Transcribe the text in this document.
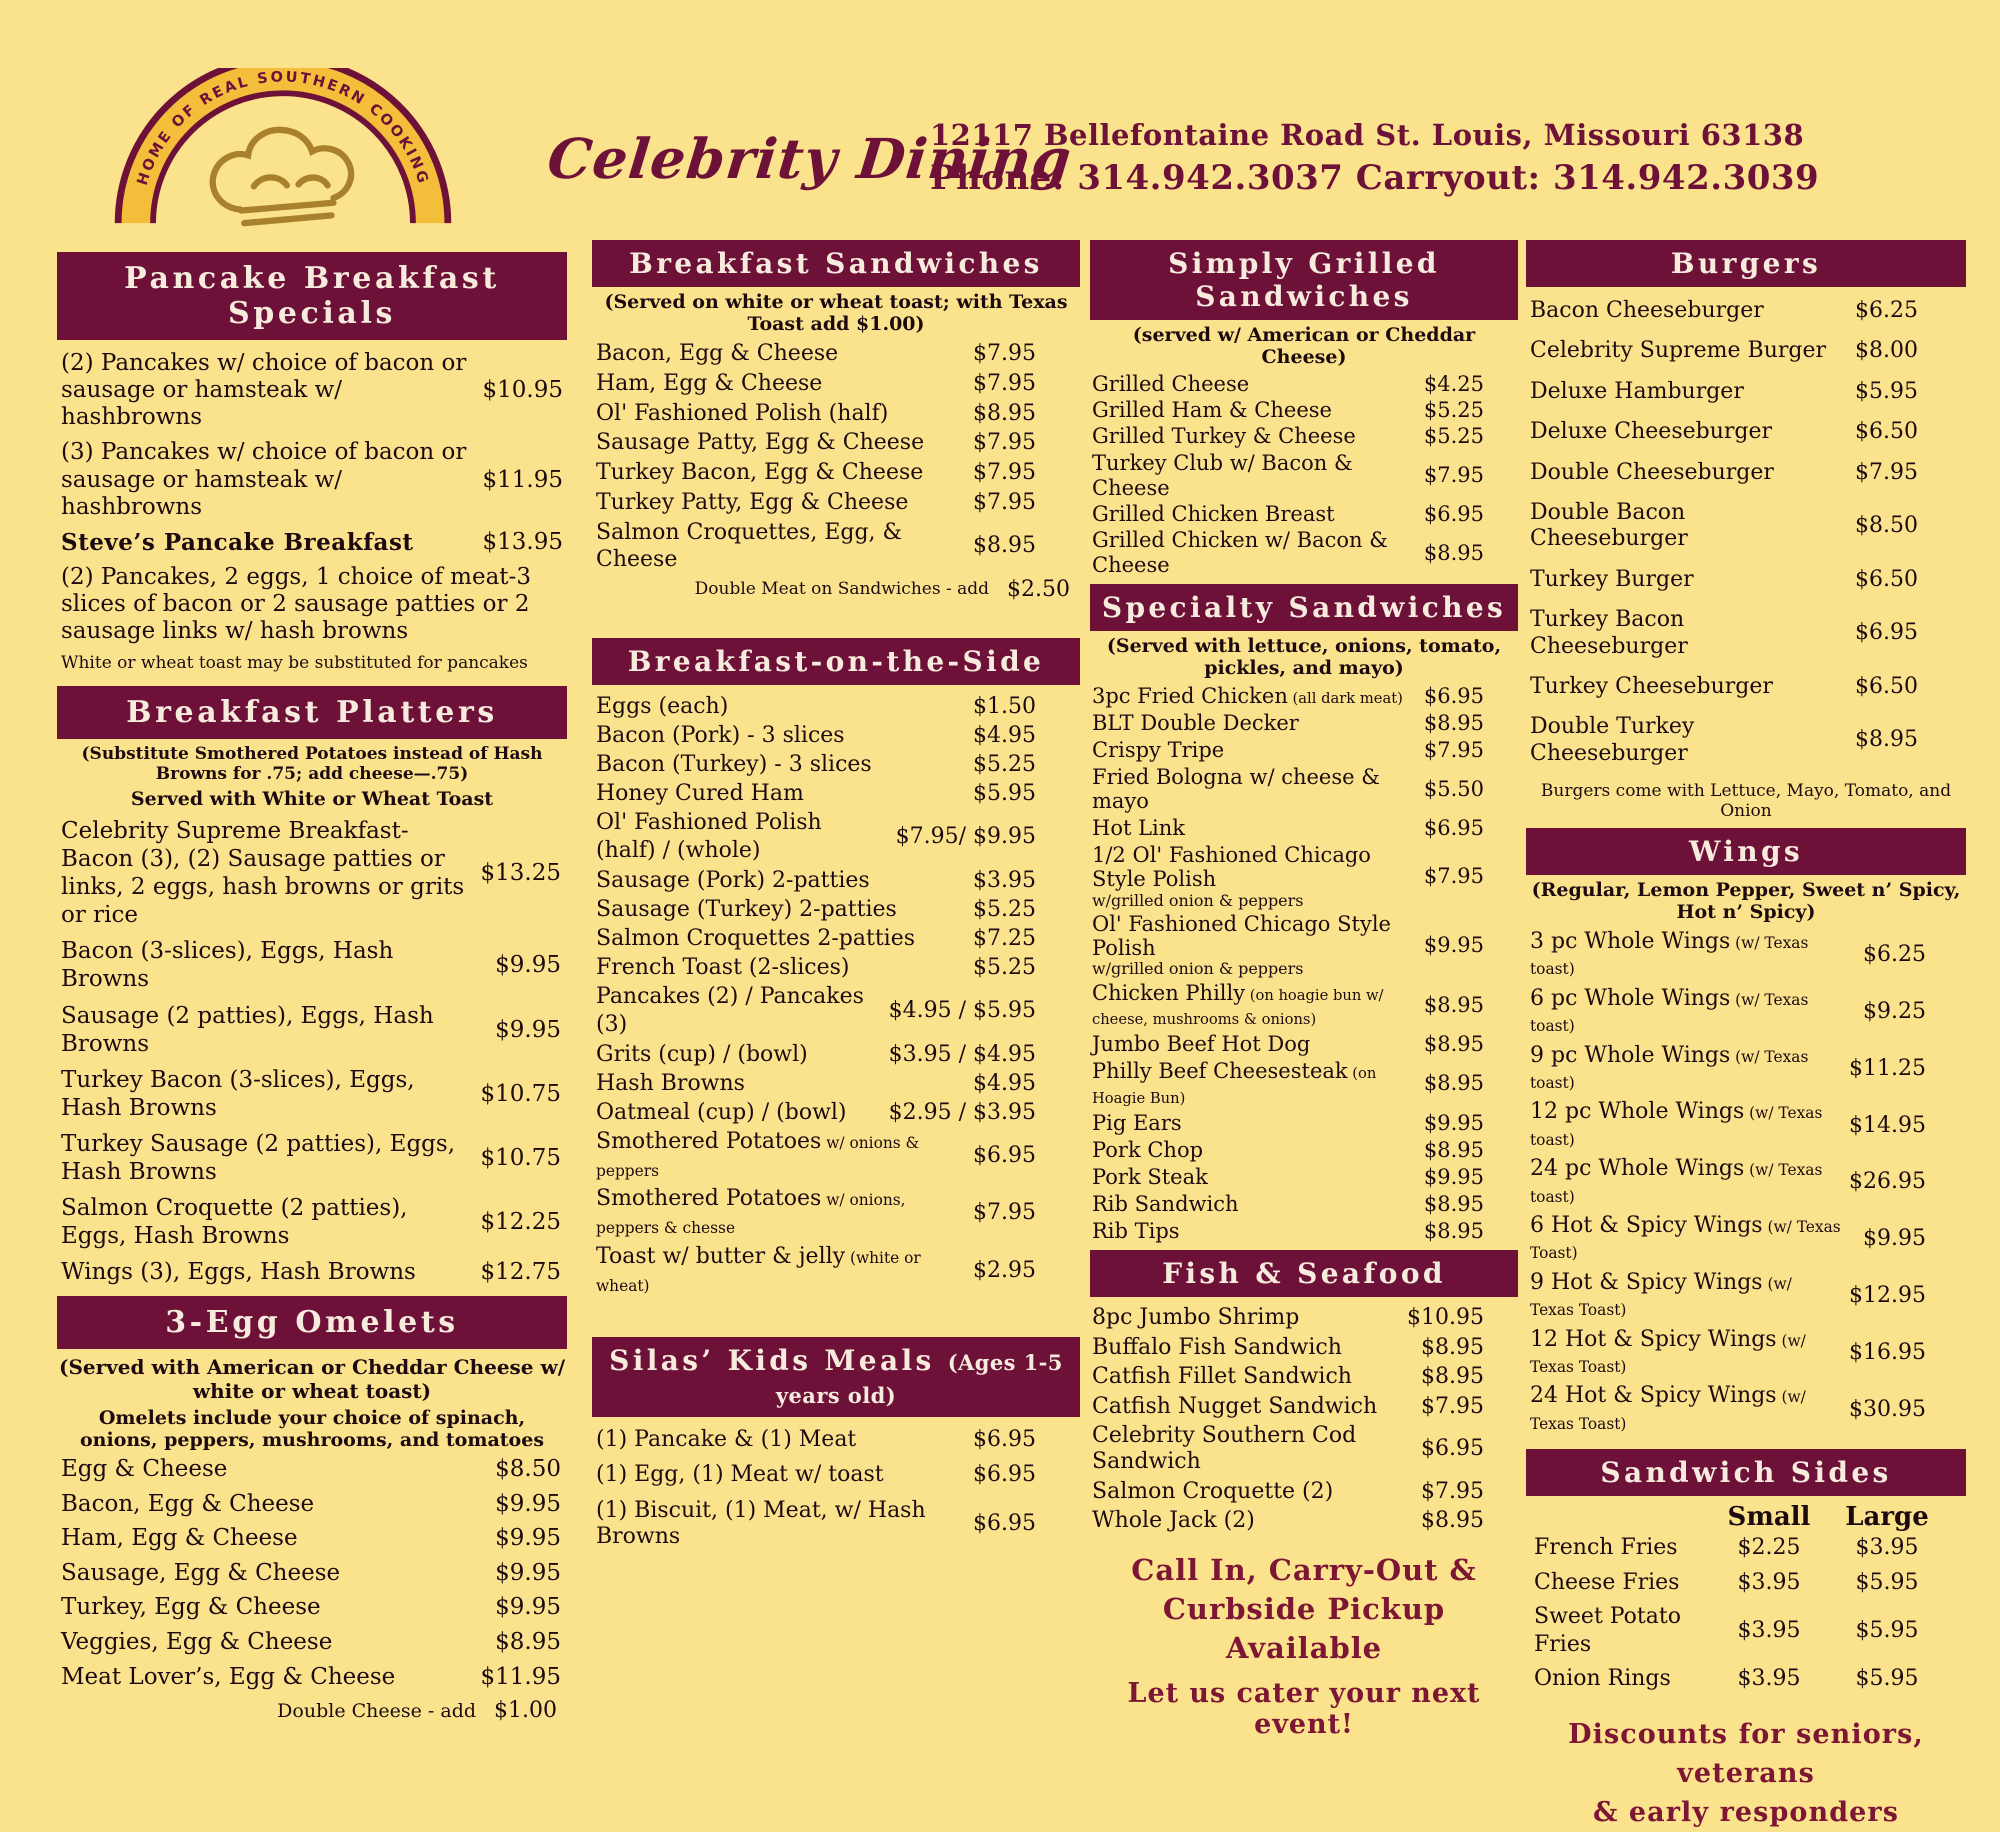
HOME OF REAL SOUTHERN COOKING Celebrity Dining
12117 Bellefontaine Road St. Louis, Missouri 63138
Phone: 314.942.3037 Carryout: 314.942.3039
Pancake Breakfast Specials
(2) Pancakes w/ choice of bacon or sausage or hamsteak w/ hashbrowns
$10.95
(3) Pancakes w/ choice of bacon or sausage or hamsteak w/ hashbrowns
$11.95
Steve’s Pancake Breakfast	$13.95
(2) Pancakes, 2 eggs, 1 choice of meat-3 slices of bacon or 2 sausage patties or 2 sausage links w/ hash browns
White or wheat toast may be substituted for pancakes
Breakfast Platters
(Substitute Smothered Potatoes instead of Hash Browns for .75; add cheese—.75)
Served with White or Wheat Toast
Celebrity Supreme Breakfast-Bacon (3), (2) Sausage patties or links, 2 eggs, hash browns or grits or rice
$13.25
Bacon (3-slices), Eggs, Hash Browns
$9.95
Sausage (2 patties), Eggs, Hash Browns
$9.95
Turkey Bacon (3-slices), Eggs, Hash Browns
$10.75
Turkey Sausage (2 patties), Eggs, Hash Browns
$10.75
Salmon Croquette (2 patties), Eggs, Hash Browns
$12.25
Wings (3), Eggs, Hash Browns	$12.75
3-Egg Omelets
(Served with American or Cheddar Cheese w/ white or wheat toast)
Omelets include your choice of spinach, onions, peppers, mushrooms, and tomatoes
Egg & Cheese	$8.50
Bacon, Egg & Cheese	$9.95
Ham, Egg & Cheese	$9.95
Sausage, Egg & Cheese	$9.95
Turkey, Egg & Cheese	$9.95
Veggies, Egg & Cheese	$8.95
Meat Lover’s, Egg & Cheese	$11.95
Double Cheese - add $1.00
Breakfast Sandwiches
(Served on white or wheat toast; with Texas Toast add $1.00)
Bacon, Egg & Cheese	$7.95
Ham, Egg & Cheese	$7.95
Ol' Fashioned Polish (half)	$8.95
Sausage Patty, Egg & Cheese	$7.95
Turkey Bacon, Egg & Cheese	$7.95
Turkey Patty, Egg & Cheese	$7.95
Salmon Croquettes, Egg, & Cheese
$8.95
Double Meat on Sandwiches - add $2.50
Breakfast-on-the-Side
Eggs (each)	$1.50
Bacon (Pork) - 3 slices	$4.95
Bacon (Turkey) - 3 slices	$5.25
Honey Cured Ham	$5.95
Ol' Fashioned Polish (half) / (whole)
$7.95/ $9.95
Sausage (Pork) 2-patties	$3.95
Sausage (Turkey) 2-patties	$5.25
Salmon Croquettes 2-patties	$7.25
French Toast (2-slices)	$5.25
Pancakes (2) / Pancakes (3)
$4.95 / $5.95
Grits (cup) / (bowl)	$3.95 / $4.95
Hash Browns	$4.95
Oatmeal (cup) / (bowl)	$2.95 / $3.95
Smothered Potatoes w/ onions & peppers
$6.95
Smothered Potatoes w/ onions, peppers & chesse
$7.95
Toast w/ butter & jelly (white or wheat)
$2.95
Silas’ Kids Meals (Ages 1-5 years old)
(1) Pancake & (1) Meat	$6.95
(1) Egg, (1) Meat w/ toast	$6.95
(1) Biscuit, (1) Meat, w/ Hash Browns
$6.95
Simply Grilled Sandwiches
(served w/ American or Cheddar Cheese)
Grilled Cheese	$4.25
Grilled Ham & Cheese	$5.25
Grilled Turkey & Cheese	$5.25
Turkey Club w/ Bacon & Cheese
$7.95
Grilled Chicken Breast	$6.95
Grilled Chicken w/ Bacon & Cheese
$8.95
Specialty Sandwiches
(Served with lettuce, onions, tomato, pickles, and mayo)
3pc Fried Chicken (all dark meat)	$6.95
BLT Double Decker	$8.95
Crispy Tripe	$7.95
Fried Bologna w/ cheese & mayo
$5.50
Hot Link	$6.95
1/2 Ol' Fashioned Chicago Style Polish
w/grilled onion & peppers
$7.95
Ol' Fashioned Chicago Style Polish
w/grilled onion & peppers
$9.95
Chicken Philly (on hoagie bun w/ cheese, mushrooms & onions)
$8.95
Jumbo Beef Hot Dog	$8.95
Philly Beef Cheesesteak (on Hoagie Bun)
$8.95
Pig Ears	$9.95
Pork Chop	$8.95
Pork Steak	$9.95
Rib Sandwich	$8.95
Rib Tips	$8.95
Fish & Seafood
8pc Jumbo Shrimp	$10.95
Buffalo Fish Sandwich	$8.95
Catfish Fillet Sandwich	$8.95
Catfish Nugget Sandwich	$7.95
Celebrity Southern Cod Sandwich
$6.95
Salmon Croquette (2)	$7.95
Whole Jack (2)	$8.95
Call In, Carry-Out &
Curbside Pickup Available
Let us cater your next event!
Burgers
Bacon Cheeseburger	$6.25
Celebrity Supreme Burger	$8.00
Deluxe Hamburger	$5.95
Deluxe Cheeseburger	$6.50
Double Cheeseburger	$7.95
Double Bacon Cheeseburger
$8.50
Turkey Burger	$6.50
Turkey Bacon Cheeseburger
$6.95
Turkey Cheeseburger	$6.50
Double Turkey Cheeseburger
$8.95
Burgers come with Lettuce, Mayo, Tomato, and Onion
Wings
(Regular, Lemon Pepper, Sweet n’ Spicy, Hot n’ Spicy)
3 pc Whole Wings (w/ Texas toast)
$6.25
6 pc Whole Wings (w/ Texas toast)
$9.25
9 pc Whole Wings (w/ Texas toast)
$11.25
12 pc Whole Wings (w/ Texas toast)
$14.95
24 pc Whole Wings (w/ Texas toast)
$26.95
6 Hot & Spicy Wings (w/ Texas Toast)
$9.95
9 Hot & Spicy Wings (w/ Texas Toast)
$12.95
12 Hot & Spicy Wings (w/ Texas Toast)
$16.95
24 Hot & Spicy Wings (w/ Texas Toast)
$30.95
Sandwich Sides
Small	Large
French Fries	$2.25	$3.95
Cheese Fries	$3.95	$5.95
Sweet Potato Fries
$3.95	$5.95
Onion Rings	$3.95	$5.95
Discounts for seniors, veterans
& early responders
